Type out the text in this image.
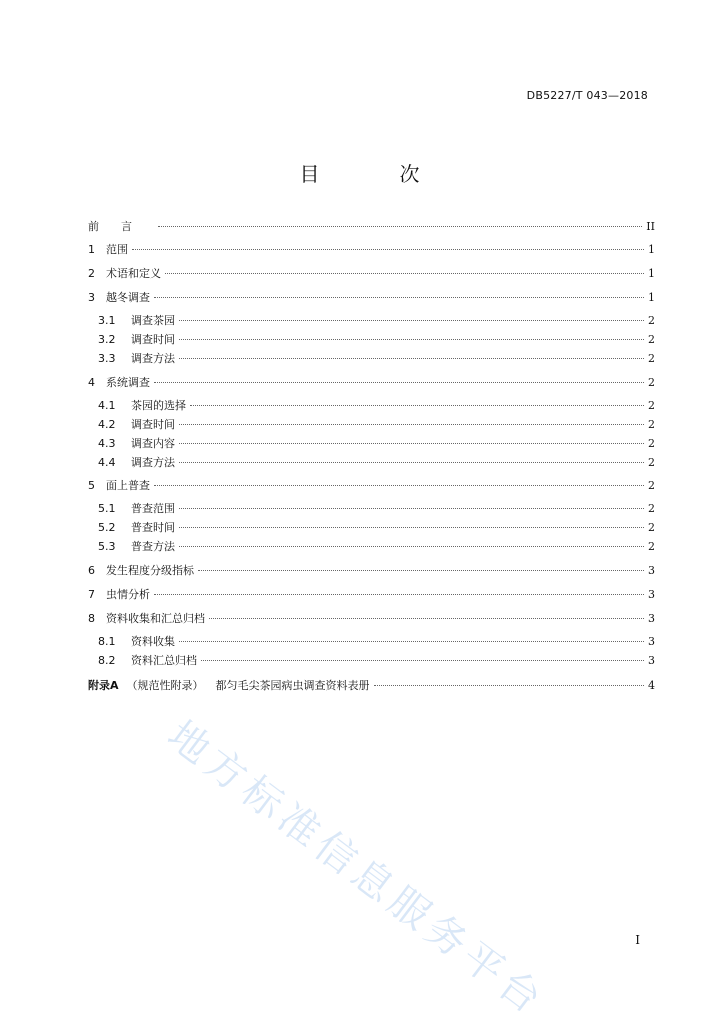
DB5227/T 043—2018
目　次
前言	II
1	范围	1
2	术语和定义	1
3	越冬调查	1
3.1	调查茶园	2
3.2	调查时间	2
3.3	调查方法	2
4	系统调查	2
4.1	茶园的选择	2
4.2	调查时间	2
4.3	调查内容	2
4.4	调查方法	2
5	面上普查	2
5.1	普查范围	2
5.2	普查时间	2
5.3	普查方法	2
6	发生程度分级指标	3
7	虫情分析	3
8	资料收集和汇总归档	3
8.1	资料收集	3
8.2	资料汇总归档	3
附录A （规范性附录） 都匀毛尖茶园病虫调查资料表册	4
地方标准信息服务平台	I
